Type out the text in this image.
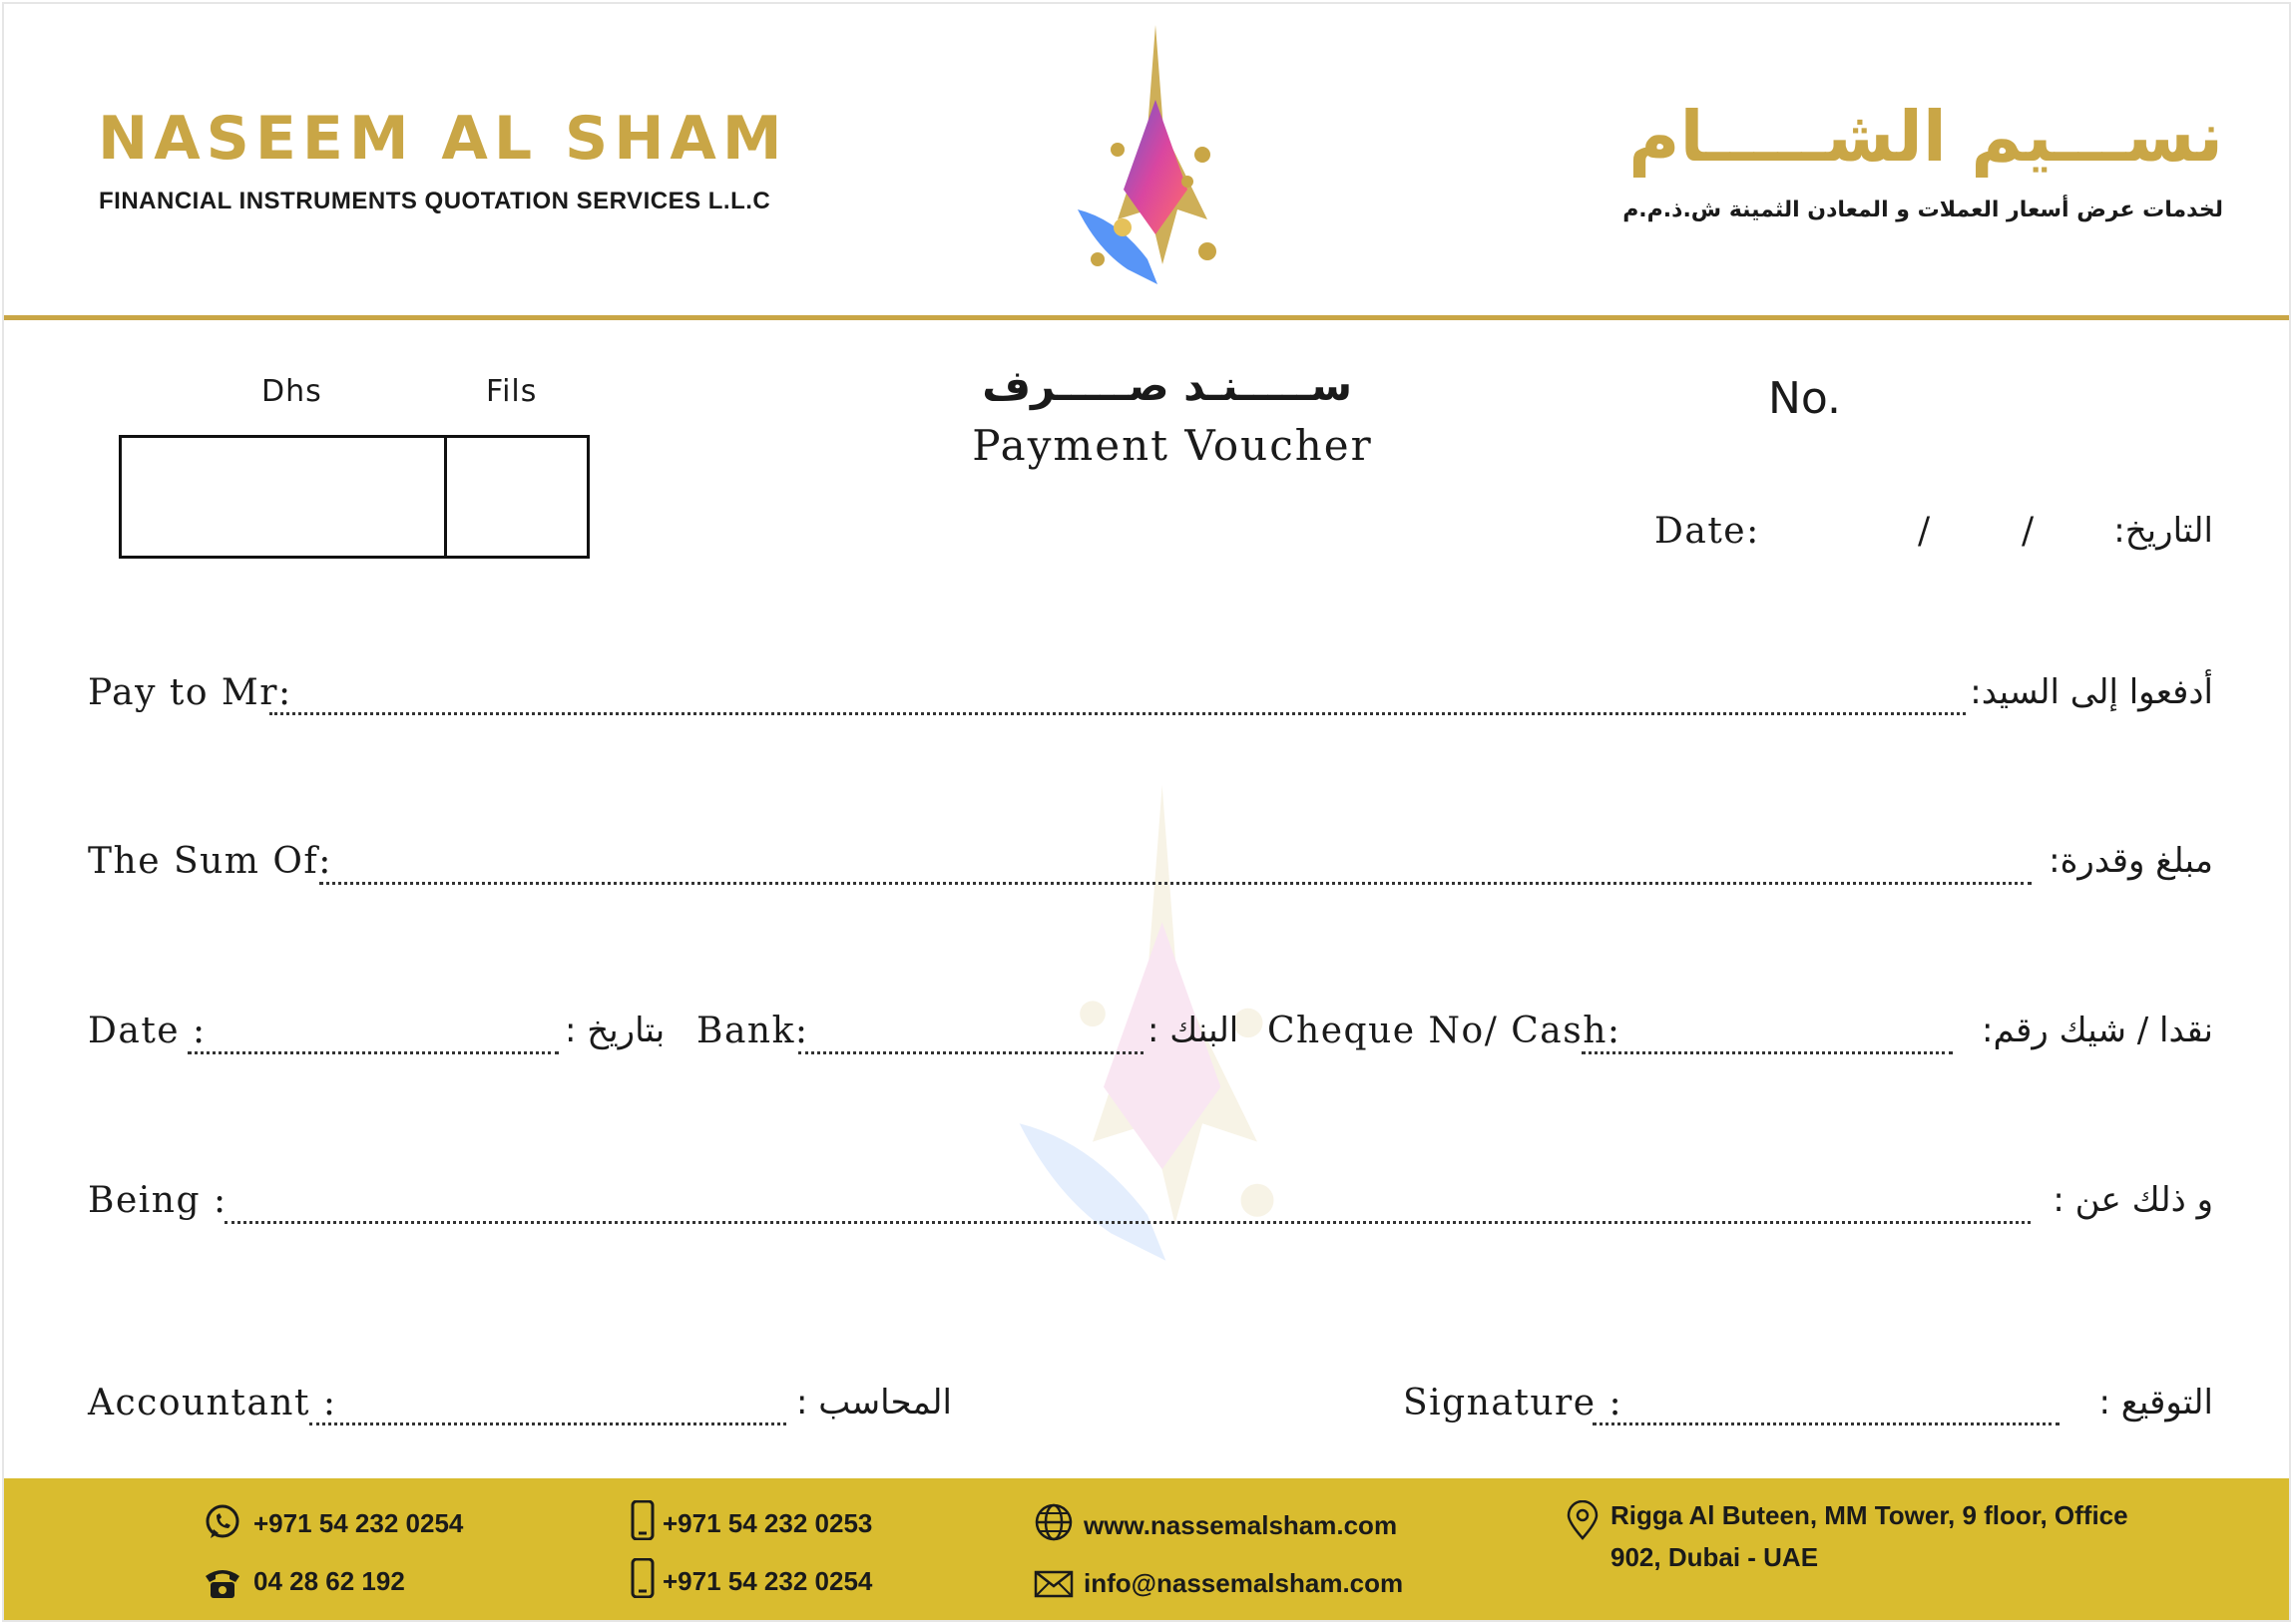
NASEEM AL SHAM
FINANCIAL INSTRUMENTS QUOTATION SERVICES L.L.C
نســـيم الشـــــام
لخدمات عرض أسعار العملات و المعادن الثمينة ش.ذ.م.م
Dhs	Fils	ســـــنـد صـــــرف
Payment Voucher
No.
Date:	/	/ التاريخ:
Pay to Mr:	أدفعوا إلى السيد:
The Sum Of:	مبلغ وقدرة:
Date :	: بتاريخ Bank:	: البنك Cheque No/ Cash:	نقدا / شيك رقم:
Being :	و ذلك عن :
Accountant :	: المحاسب	Signature :	التوقيع :
+971 54 232 0254
04 28 62 192
+971 54 232 0253
+971 54 232 0254
www.nassemalsham.com
info@nassemalsham.com
Rigga Al Buteen, MM Tower, 9 floor, Office
902, Dubai - UAE
